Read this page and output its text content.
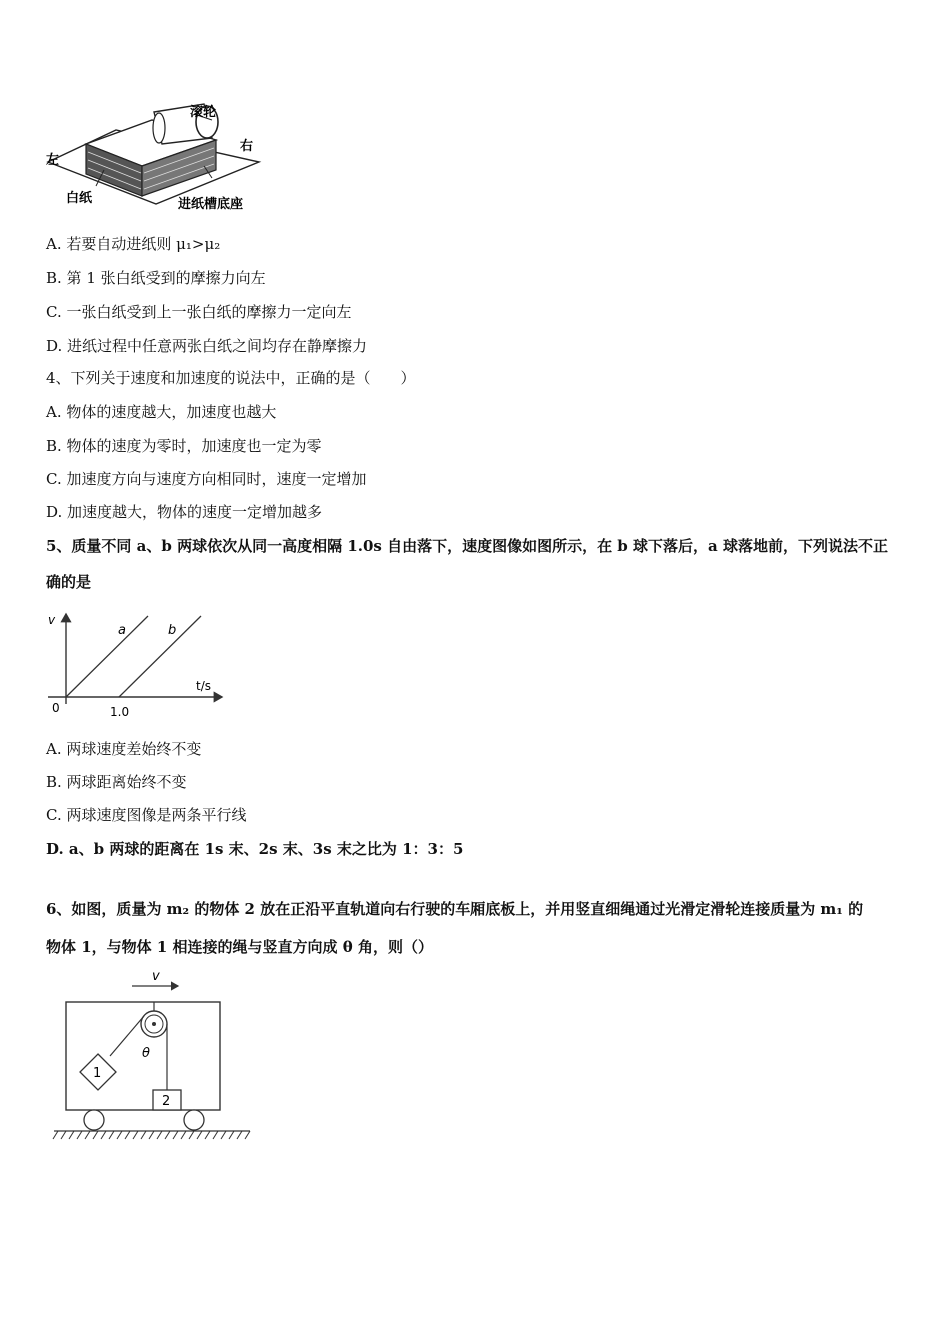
滚轮
右
左
白纸	进纸槽底座
A. 若要自动进纸则 μ₁>μ₂
B. 第 1 张白纸受到的摩擦力向左
C. 一张白纸受到上一张白纸的摩擦力一定向左
D. 进纸过程中任意两张白纸之间均存在静摩擦力
4、下列关于速度和加速度的说法中，正确的是（　　）
A. 物体的速度越大，加速度也越大
B. 物体的速度为零时，加速度也一定为零
C. 加速度方向与速度方向相同时，速度一定增加
D. 加速度越大，物体的速度一定增加越多
5、质量不同 a、b 两球依次从同一高度相隔 1.0s 自由落下，速度图像如图所示，在 b 球下落后，a 球落地前，下列说法不正
确的是
v
t/s
0	1.0
a	b
A. 两球速度差始终不变
B. 两球距离始终不变
C. 两球速度图像是两条平行线
D. a、b 两球的距离在 1s 末、2s 末、3s 末之比为 1：3：5
6、如图，质量为 m₂ 的物体 2 放在正沿平直轨道向右行驶的车厢底板上，并用竖直细绳通过光滑定滑轮连接质量为 m₁ 的
物体 1，与物体 1 相连接的绳与竖直方向成 θ 角，则（）
v
θ
1
2
